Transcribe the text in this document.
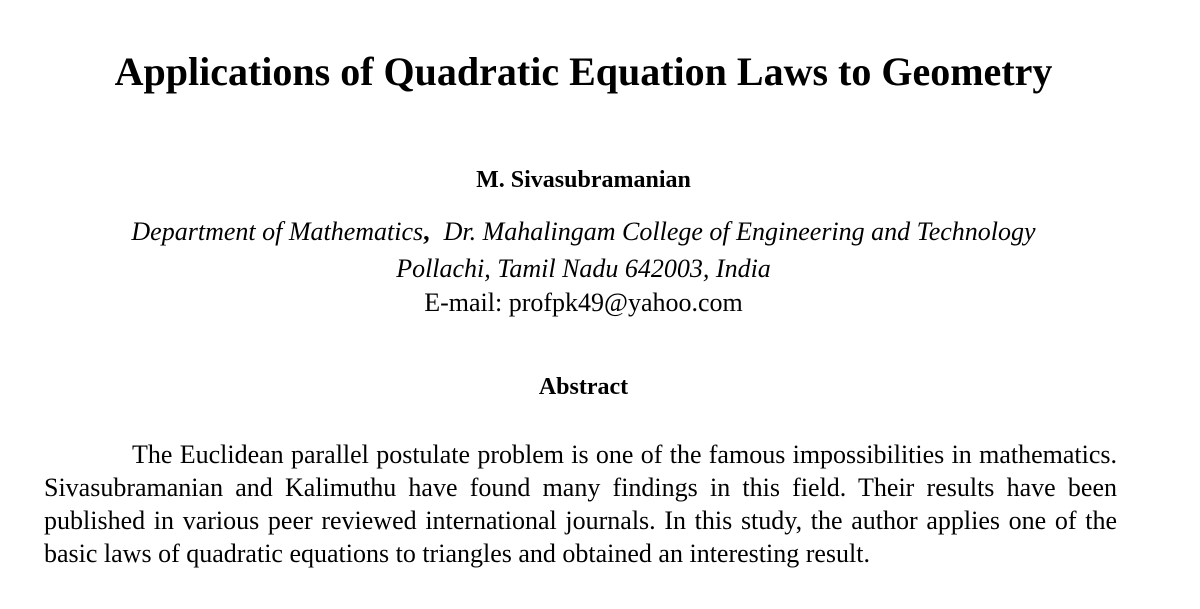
Applications of Quadratic Equation Laws to Geometry
M. Sivasubramanian
Department of Mathematics, Dr. Mahalingam College of Engineering and Technology
Pollachi, Tamil Nadu 642003, India
E-mail: profpk49@yahoo.com
Abstract

The Euclidean parallel postulate problem is one of the famous impossibilities in mathematics. Sivasubramanian and Kalimuthu have found many findings in this field. Their results have been published in various peer reviewed international journals. In this study, the author applies one of the basic laws of quadratic equations to triangles and obtained an interesting result.
